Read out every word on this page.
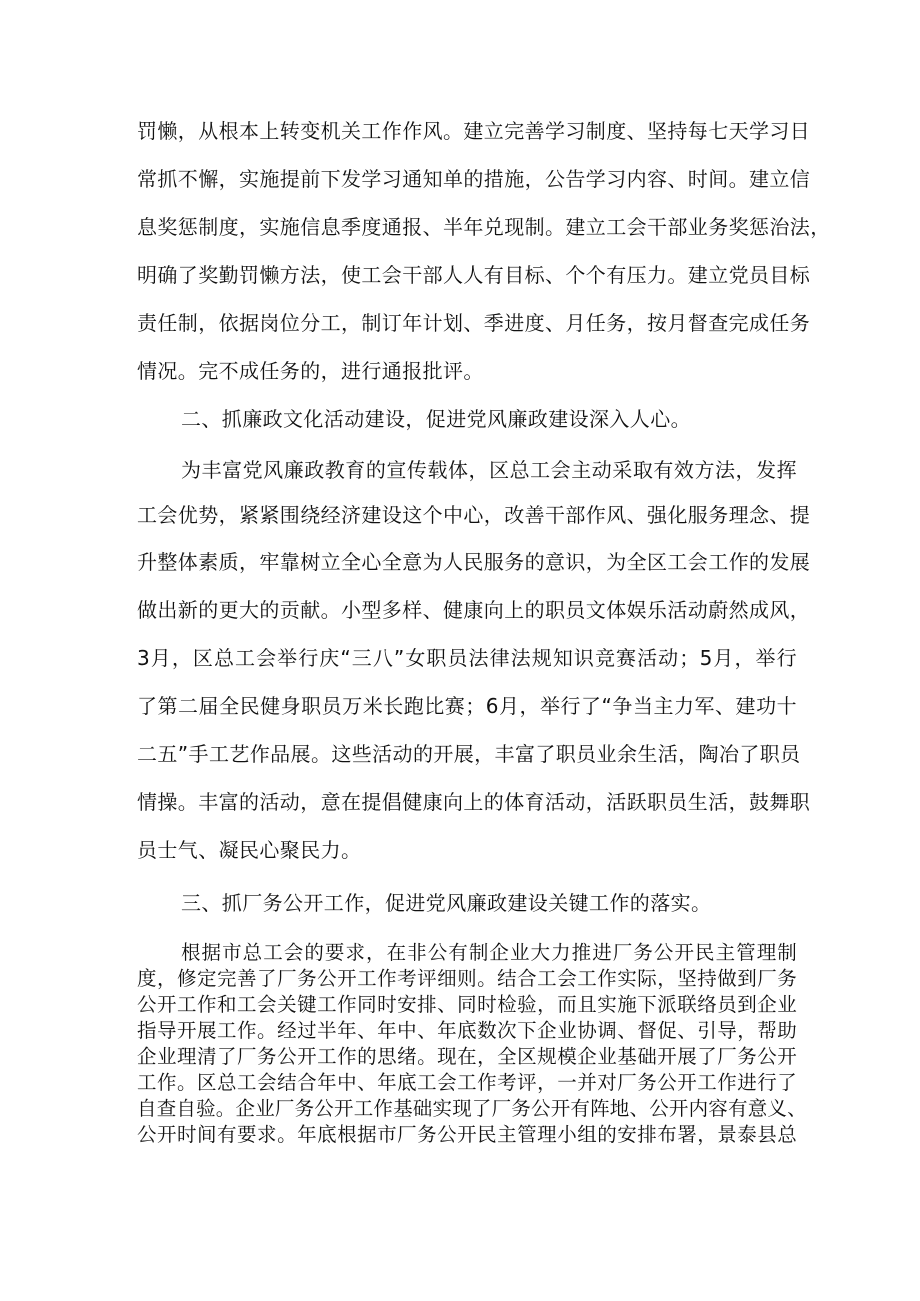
罚懒，从根本上转变机关工作作风。建立完善学习制度、坚持每七天学习日
常抓不懈，实施提前下发学习通知单的措施，公告学习内容、时间。建立信
息奖惩制度，实施信息季度通报、半年兑现制。建立工会干部业务奖惩治法，
明确了奖勤罚懒方法，使工会干部人人有目标、个个有压力。建立党员目标
责任制，依据岗位分工，制订年计划、季进度、月任务，按月督查完成任务
情况。完不成任务的，进行通报批评。
二、抓廉政文化活动建设，促进党风廉政建设深入人心。
为丰富党风廉政教育的宣传载体，区总工会主动采取有效方法，发挥
工会优势，紧紧围绕经济建设这个中心，改善干部作风、强化服务理念、提
升整体素质，牢靠树立全心全意为人民服务的意识，为全区工会工作的发展
做出新的更大的贡献。小型多样、健康向上的职员文体娱乐活动蔚然成风，
3月，区总工会举行庆“三八”女职员法律法规知识竞赛活动；5月，举行
了第二届全民健身职员万米长跑比赛；6月，举行了“争当主力军、建功十
二五”手工艺作品展。这些活动的开展，丰富了职员业余生活，陶冶了职员
情操。丰富的活动，意在提倡健康向上的体育活动，活跃职员生活，鼓舞职
员士气、凝民心聚民力。
三、抓厂务公开工作，促进党风廉政建设关键工作的落实。
根据市总工会的要求，在非公有制企业大力推进厂务公开民主管理制
度，修定完善了厂务公开工作考评细则。结合工会工作实际，坚持做到厂务
公开工作和工会关键工作同时安排、同时检验，而且实施下派联络员到企业
指导开展工作。经过半年、年中、年底数次下企业协调、督促、引导，帮助
企业理清了厂务公开工作的思绪。现在，全区规模企业基础开展了厂务公开
工作。区总工会结合年中、年底工会工作考评，一并对厂务公开工作进行了
自查自验。企业厂务公开工作基础实现了厂务公开有阵地、公开内容有意义、
公开时间有要求。年底根据市厂务公开民主管理小组的安排布署，景泰县总
